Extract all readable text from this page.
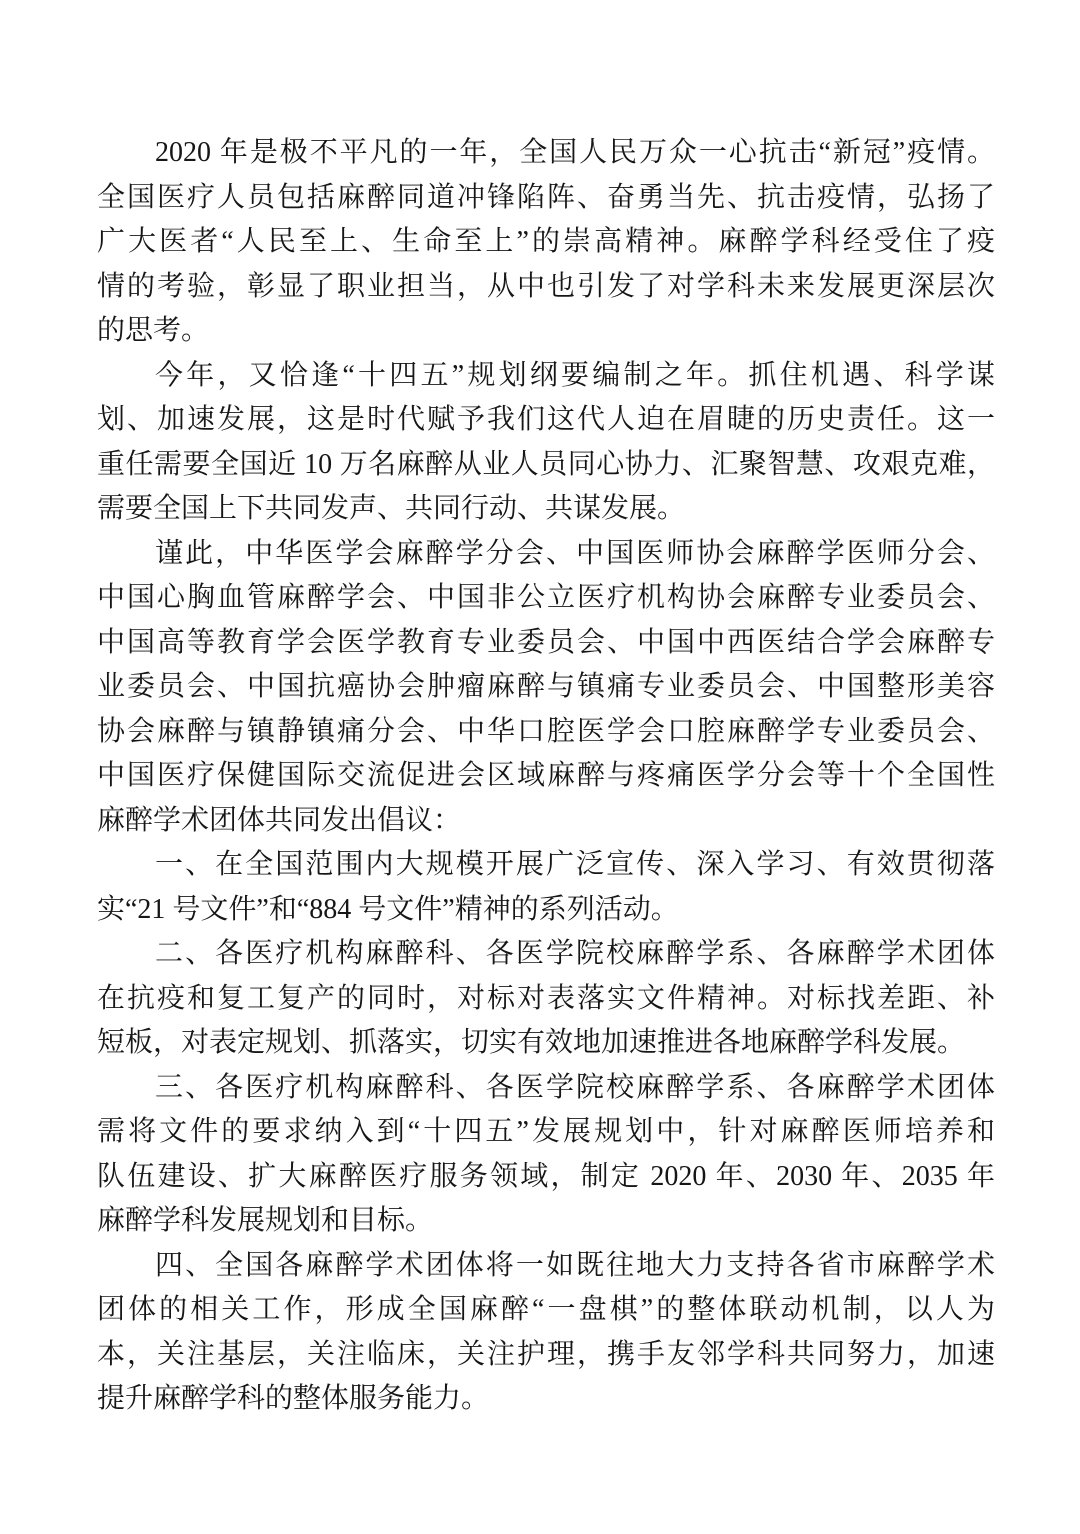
2020 年是极不平凡的一年，全国人民万众一心抗击“新冠”疫情。
全国医疗人员包括麻醉同道冲锋陷阵、奋勇当先、抗击疫情，弘扬了
广大医者“人民至上、生命至上”的崇高精神。麻醉学科经受住了疫
情的考验，彰显了职业担当，从中也引发了对学科未来发展更深层次
的思考。
今年，又恰逢“十四五”规划纲要编制之年。抓住机遇、科学谋
划、加速发展，这是时代赋予我们这代人迫在眉睫的历史责任。这一
重任需要全国近 10 万名麻醉从业人员同心协力、汇聚智慧、攻艰克难，
需要全国上下共同发声、共同行动、共谋发展。
谨此，中华医学会麻醉学分会、中国医师协会麻醉学医师分会、
中国心胸血管麻醉学会、中国非公立医疗机构协会麻醉专业委员会、
中国高等教育学会医学教育专业委员会、中国中西医结合学会麻醉专
业委员会、中国抗癌协会肿瘤麻醉与镇痛专业委员会、中国整形美容
协会麻醉与镇静镇痛分会、中华口腔医学会口腔麻醉学专业委员会、
中国医疗保健国际交流促进会区域麻醉与疼痛医学分会等十个全国性
麻醉学术团体共同发出倡议：
一、在全国范围内大规模开展广泛宣传、深入学习、有效贯彻落
实“21 号文件”和“884 号文件”精神的系列活动。
二、各医疗机构麻醉科、各医学院校麻醉学系、各麻醉学术团体
在抗疫和复工复产的同时，对标对表落实文件精神。对标找差距、补
短板，对表定规划、抓落实，切实有效地加速推进各地麻醉学科发展。
三、各医疗机构麻醉科、各医学院校麻醉学系、各麻醉学术团体
需将文件的要求纳入到“十四五”发展规划中，针对麻醉医师培养和
队伍建设、扩大麻醉医疗服务领域，制定 2020 年、2030 年、2035 年
麻醉学科发展规划和目标。
四、全国各麻醉学术团体将一如既往地大力支持各省市麻醉学术
团体的相关工作，形成全国麻醉“一盘棋”的整体联动机制，以人为
本，关注基层，关注临床，关注护理，携手友邻学科共同努力，加速
提升麻醉学科的整体服务能力。
